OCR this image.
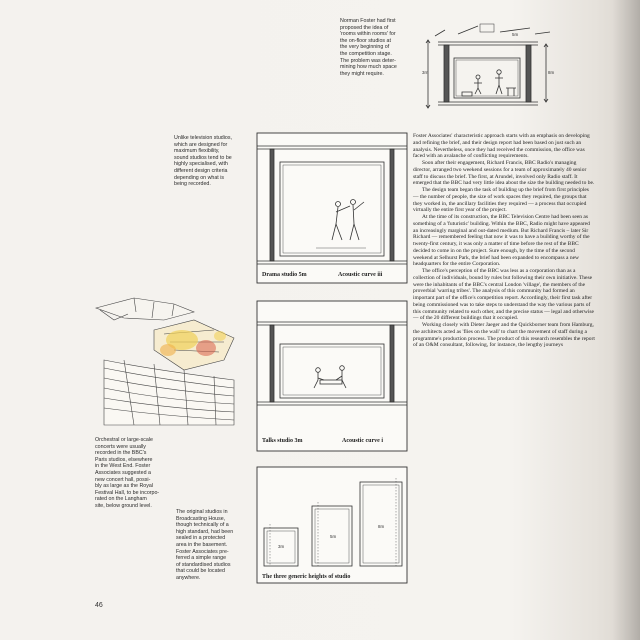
Norman Foster had first
proposed the idea of
'rooms within rooms' for
the on-floor studios at
the very beginning of
the competition stage.
The problem was deter-
mining how much space
they might require.	3m	8m
5m

Unlike television studios,
which are designed for
maximum flexibility,
sound studios tend to be
highly specialised, with
different design criteria
depending on what is
being recorded.

Drama studio 5m	Acoustic curve iii
Talks studio 3m	Acoustic curve i

Orchestral or large-scale
concerts were usually
recorded in the BBC's
Paris studios, elsewhere
in the West End. Foster
Associates suggested a
new concert hall, possi-
bly as large as the Royal
Festival Hall, to be incorpo-
rated on the Langham
site, below ground level.

The original studios in
Broadcasting House,
though technically of a
high standard, had been
sealed in a protected
area in the basement.
Foster Associates pre-
ferred a simple range
of standardised studios
that could be located
anywhere.

3m
5m
8m
The three generic heights of studio

Foster Associates' characteristic approach starts with an emphasis on developing and refining the brief, and their design report had been based on just such an analysis. Nevertheless, once they had received the commission, the office was faced with an avalanche of conflicting requirements.

Soon after their engagement, Richard Francis, BBC Radio's managing director, arranged two weekend sessions for a team of approximately 40 senior staff to discuss the brief. The first, at Arundel, involved only Radio staff. It emerged that the BBC had very little idea about the size the building needed to be.

The design team began the task of building up the brief from first principles — the number of people, the size of work spaces they required, the groups that they worked in, the ancillary facilities they required — a process that occupied virtually the entire first year of the project.

At the time of its construction, the BBC Television Centre had been seen as something of a 'futuristic' building. Within the BBC, Radio might have appeared an increasingly marginal and out-dated medium. But Richard Francis – later Sir Richard — remembered feeling that now it was to have a building worthy of the twenty-first century, it was only a matter of time before the rest of the BBC decided to come in on the project. Sure enough, by the time of the second weekend at Selhurst Park, the brief had been expanded to encompass a new headquarters for the entire Corporation.

The office's perception of the BBC was less as a corporation than as a collection of individuals, bound by rules but following their own initiative. These were the inhabitants of the BBC's central London 'village', the members of the proverbial 'warring tribes'. The analysis of this community had formed an important part of the office's competition report. Accordingly, their first task after being commissioned was to take steps to understand the way the various parts of this community related to each other, and the precise status — legal and otherwise — of the 20 different buildings that it occupied.

Working closely with Dieter Jaeger and the Quickborner team from Hamburg, the architects acted as 'flies on the wall' to chart the movement of staff during a programme's production process. The product of this research resembles the report of an O&M consultant, following, for instance, the lengthy journeys

46
